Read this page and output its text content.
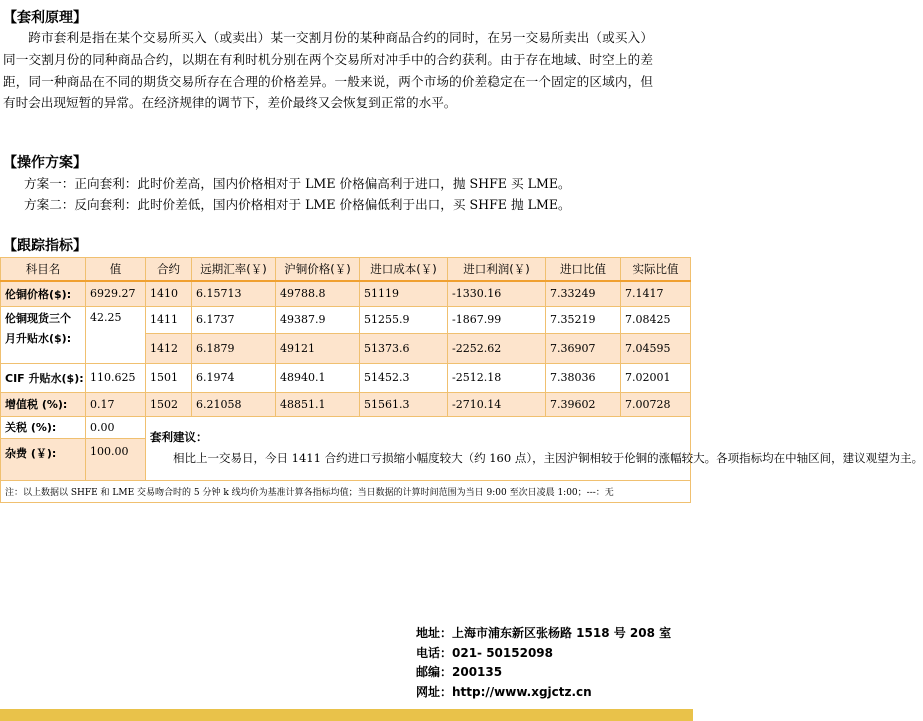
【套利原理】

跨市套利是指在某个交易所买入（或卖出）某一交割月份的某种商品合约的同时，在另一交易所卖出（或买入）同一交割月份的同种商品合约，以期在有利时机分别在两个交易所对冲手中的合约获利。由于存在地域、时空上的差距，同一种商品在不同的期货交易所存在合理的价格差异。一般来说，两个市场的价差稳定在一个固定的区域内，但有时会出现短暂的异常。在经济规律的调节下，差价最终又会恢复到正常的水平。

【操作方案】
方案一：正向套利：此时价差高，国内价格相对于 LME 价格偏高利于进口，抛 SHFE 买 LME。
方案二：反向套利：此时价差低，国内价格相对于 LME 价格偏低利于出口，买 SHFE 抛 LME。
【跟踪指标】
科目名	值	合约	远期汇率(￥)	沪铜价格(￥)	进口成本(￥)	进口利润(￥)	进口比值	实际比值
伦铜价格($):	6929.27	1410	6.15713	49788.8	51119	-1330.16	7.33249	7.1417
伦铜现货三个月升贴水($):	42.25	1411	6.1737	49387.9	51255.9	-1867.99	7.35219	7.08425
		1412	6.1879	49121	51373.6	-2252.62	7.36907	7.04595
CIF 升贴水($):	110.625	1501	6.1974	48940.1	51452.3	-2512.18	7.38036	7.02001
增值税 (%):	0.17	1502	6.21058	48851.1	51561.3	-2710.14	7.39602	7.00728
关税 (%):	0.00	套利建议：
相比上一交易日，今日 1411 合约进口亏损缩小幅度较大（约 160 点），主因沪铜相较于伦铜的涨幅较大。各项指标均在中轴区间，建议观望为主。						

杂费 (￥):	100.00							
注：以上数据以 SHFE 和 LME 交易吻合时的 5 分钟 k 线均价为基准计算各指标均值；当日数据的计算时间范围为当日 9:00 至次日凌晨 1:00；---：无								
地址：上海市浦东新区张杨路 1518 号 208 室
电话：021- 50152098
邮编：200135
网址：http://www.xgjctz.cn
